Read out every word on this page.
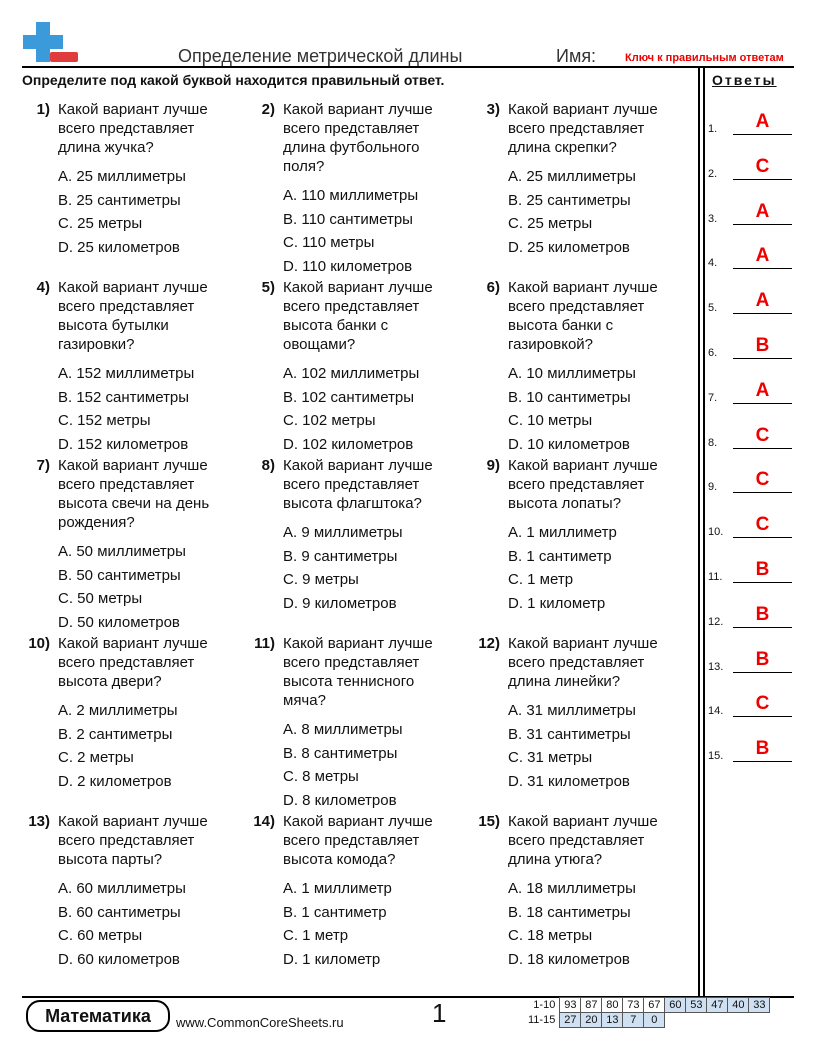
Определение метрической длины	Имя:	Ключ к правильным ответам
Определите под какой буквой находится правильный ответ.	Ответы
1) Какой вариант лучше всего представляет длина жучка?
A. 25 миллиметры
B. 25 сантиметры
C. 25 метры
D. 25 километров
2) Какой вариант лучше всего представляет длина футбольного поля?
A. 110 миллиметры
B. 110 сантиметры
C. 110 метры
D. 110 километров
3) Какой вариант лучше всего представляет длина скрепки?
A. 25 миллиметры
B. 25 сантиметры
C. 25 метры
D. 25 километров
4) Какой вариант лучше всего представляет высота бутылки газировки?
A. 152 миллиметры
B. 152 сантиметры
C. 152 метры
D. 152 километров
5) Какой вариант лучше всего представляет высота банки с овощами?
A. 102 миллиметры
B. 102 сантиметры
C. 102 метры
D. 102 километров
6) Какой вариант лучше всего представляет высота банки с газировкой?
A. 10 миллиметры
B. 10 сантиметры
C. 10 метры
D. 10 километров
7) Какой вариант лучше всего представляет высота свечи на день рождения?
A. 50 миллиметры
B. 50 сантиметры
C. 50 метры
D. 50 километров
8) Какой вариант лучше всего представляет высота флагштока?
A. 9 миллиметры
B. 9 сантиметры
C. 9 метры
D. 9 километров
9) Какой вариант лучше всего представляет высота лопаты?
A. 1 миллиметр
B. 1 сантиметр
C. 1 метр
D. 1 километр
10) Какой вариант лучше всего представляет высота двери?
A. 2 миллиметры
B. 2 сантиметры
C. 2 метры
D. 2 километров
11) Какой вариант лучше всего представляет высота теннисного мяча?
A. 8 миллиметры
B. 8 сантиметры
C. 8 метры
D. 8 километров
12) Какой вариант лучше всего представляет длина линейки?
A. 31 миллиметры
B. 31 сантиметры
C. 31 метры
D. 31 километров
13) Какой вариант лучше всего представляет высота парты?
A. 60 миллиметры
B. 60 сантиметры
C. 60 метры
D. 60 километров
14) Какой вариант лучше всего представляет высота комода?
A. 1 миллиметр
B. 1 сантиметр
C. 1 метр
D. 1 километр
15) Какой вариант лучше всего представляет длина утюга?
A. 18 миллиметры
B. 18 сантиметры
C. 18 метры
D. 18 километров
1.	A
2.	C
3.	A
4.	A
5.	A
6.	B
7.	A
8.	C
9.	C
10.	C
11.	B
12.	B
13.	B
14.	C
15.	B
Математика	www.CommonCoreSheets.ru	1	1-10	93	87	80	73	67	60	53	47	40	33
11-15	27	20	13	7	0					
